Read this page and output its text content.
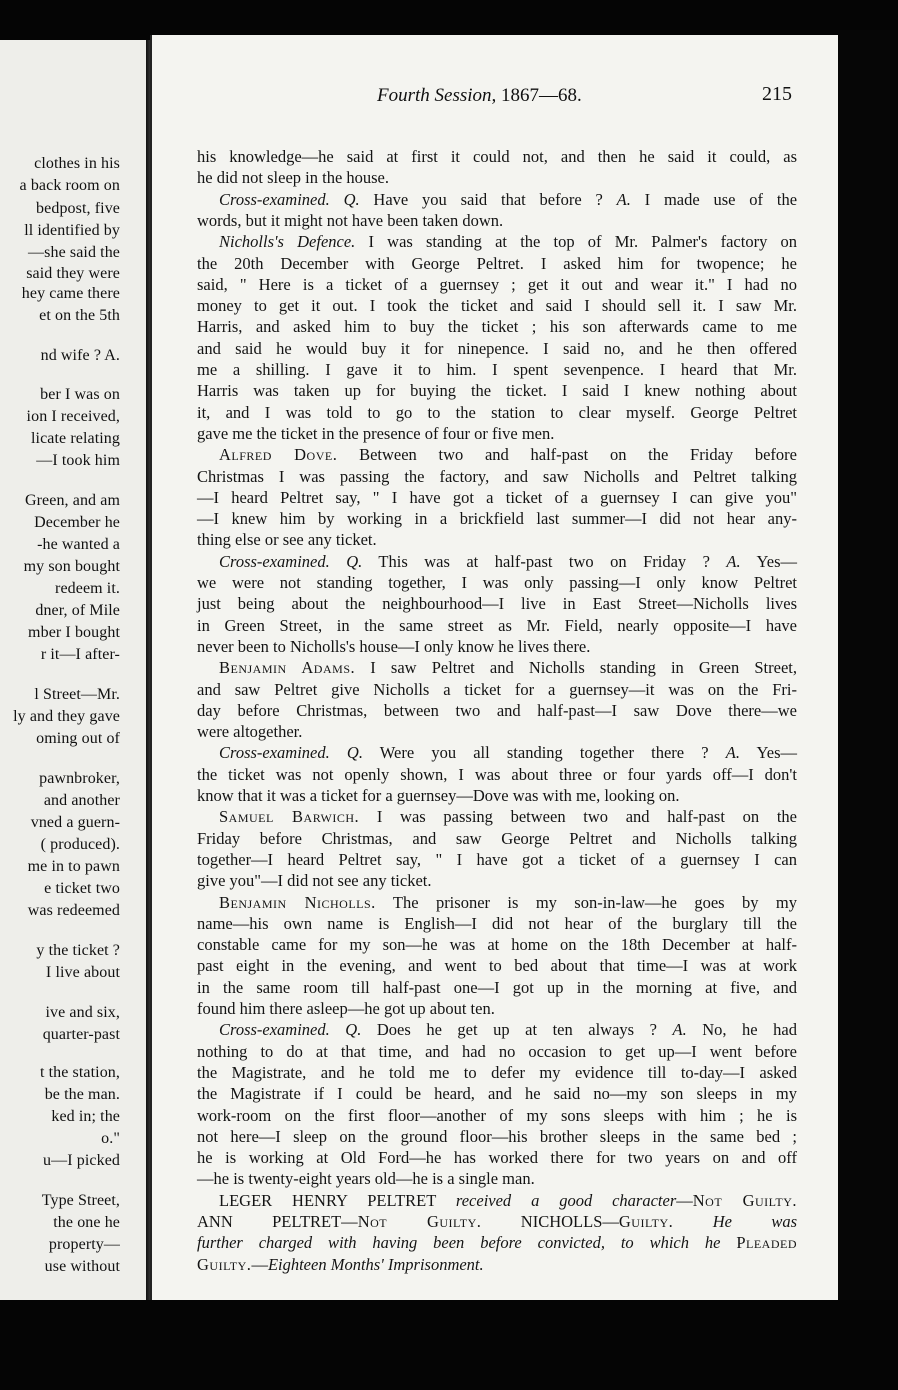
clothes in his
a back room on
bedpost, five
ll identified by
—she said the
said they were
hey came there
et on the 5th
nd wife ? A.
ber I was on
ion I received,
licate relating
—I took him
Green, and am
December he
-he wanted a
my son bought
redeem it.
dner, of Mile
mber I bought
r it—I after-
l Street—Mr.
ly and they gave
oming out of
pawnbroker,
and another
vned a guern-
( produced).
me in to pawn
e ticket two
was redeemed
y the ticket ?
I live about
ive and six,
quarter-past
t the station,
be the man.
ked in; the
o."
u—I picked
Type Street,
the one he
property—
use without
Fourth Session, 1867—68.	215
his knowledge—he said at first it could not, and then he said it could, as
he did not sleep in the house.
Cross-examined. Q. Have you said that before ? A. I made use of the
words, but it might not have been taken down.
Nicholls's Defence. I was standing at the top of Mr. Palmer's factory on
the 20th December with George Peltret. I asked him for twopence; he
said, " Here is a ticket of a guernsey ; get it out and wear it." I had no
money to get it out. I took the ticket and said I should sell it. I saw Mr.
Harris, and asked him to buy the ticket ; his son afterwards came to me
and said he would buy it for ninepence. I said no, and he then offered
me a shilling. I gave it to him. I spent sevenpence. I heard that Mr.
Harris was taken up for buying the ticket. I said I knew nothing about
it, and I was told to go to the station to clear myself. George Peltret
gave me the ticket in the presence of four or five men.
Alfred Dove. Between two and half-past on the Friday before
Christmas I was passing the factory, and saw Nicholls and Peltret talking
—I heard Peltret say, " I have got a ticket of a guernsey I can give you"
—I knew him by working in a brickfield last summer—I did not hear any-
thing else or see any ticket.
Cross-examined. Q. This was at half-past two on Friday ? A. Yes—
we were not standing together, I was only passing—I only know Peltret
just being about the neighbourhood—I live in East Street—Nicholls lives
in Green Street, in the same street as Mr. Field, nearly opposite—I have
never been to Nicholls's house—I only know he lives there.
Benjamin Adams. I saw Peltret and Nicholls standing in Green Street,
and saw Peltret give Nicholls a ticket for a guernsey—it was on the Fri-
day before Christmas, between two and half-past—I saw Dove there—we
were altogether.
Cross-examined. Q. Were you all standing together there ? A. Yes—
the ticket was not openly shown, I was about three or four yards off—I don't
know that it was a ticket for a guernsey—Dove was with me, looking on.
Samuel Barwich. I was passing between two and half-past on the
Friday before Christmas, and saw George Peltret and Nicholls talking
together—I heard Peltret say, " I have got a ticket of a guernsey I can
give you"—I did not see any ticket.
Benjamin Nicholls. The prisoner is my son-in-law—he goes by my
name—his own name is English—I did not hear of the burglary till the
constable came for my son—he was at home on the 18th December at half-
past eight in the evening, and went to bed about that time—I was at work
in the same room till half-past one—I got up in the morning at five, and
found him there asleep—he got up about ten.
Cross-examined. Q. Does he get up at ten always ? A. No, he had
nothing to do at that time, and had no occasion to get up—I went before
the Magistrate, and he told me to defer my evidence till to-day—I asked
the Magistrate if I could be heard, and he said no—my son sleeps in my
work-room on the first floor—another of my sons sleeps with him ; he is
not here—I sleep on the ground floor—his brother sleeps in the same bed ;
he is working at Old Ford—he has worked there for two years on and off
—he is twenty-eight years old—he is a single man.
LEGER HENRY PELTRET received a good character—Not Guilty.
ANN PELTRET—Not Guilty. NICHOLLS—Guilty. He was
further charged with having been before convicted, to which he Pleaded
Guilty.—Eighteen Months' Imprisonment.
